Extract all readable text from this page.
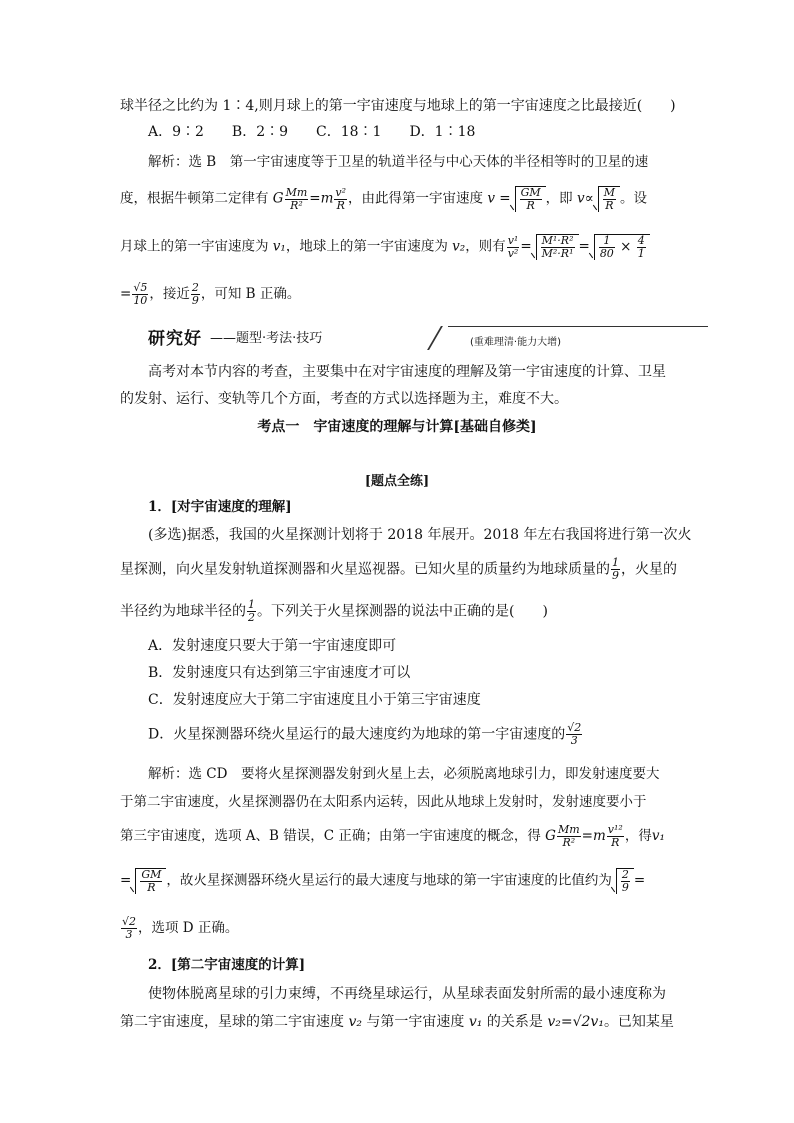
球半径之比约为 1∶4,则月球上的第一宇宙速度与地球上的第一宇宙速度之比最接近(　　)
A．9∶2　　B．2∶9　　C．18∶1　　D．1∶18
解析：选 B　第一宇宙速度等于卫星的轨道半径与中心天体的半径相等时的卫星的速
度，根据牛顿第二定律有 G $\frac{Mm}{\text{R²}} =m \frac{\text{v²}}{R}$ ，由此得第一宇宙速度 $v = \frac{GM}{R}$ ，即 $v\propto \frac{M}{R}$ 。设
月球上的第一宇宙速度为 v₁，地球上的第一宇宙速度为 v₂，则有 $\frac{\text{v¹}}{\text{v²}} = \frac{\text{M¹·R²}}{\text{M²·R¹}} = \frac{1}{80} \times \frac{4}{1}$
= $\frac{√5}{10}$ ，接近 $\frac{2}{9}$ ，可知 B 正确。
研究好 ——题型·考法·技巧	(重难理清·能力大增)
高考对本节内容的考查，主要集中在对宇宙速度的理解及第一宇宙速度的计算、卫星
的发射、运行、变轨等几个方面，考查的方式以选择题为主，难度不大。
考点一　宇宙速度的理解与计算[基础自修类]
[题点全练]
1．[对宇宙速度的理解]
(多选)据悉，我国的火星探测计划将于 2018 年展开。2018 年左右我国将进行第一次火
星探测，向火星发射轨道探测器和火星巡视器。已知火星的质量约为地球质量的 $\frac{1}{9}$ ，火星的
半径约为地球半径的 $\frac{1}{2}$ 。下列关于火星探测器的说法中正确的是(　　)
A．发射速度只要大于第一宇宙速度即可
B．发射速度只有达到第三宇宙速度才可以
C．发射速度应大于第二宇宙速度且小于第三宇宙速度
D．火星探测器环绕火星运行的最大速度约为地球的第一宇宙速度的 $\frac{√2}{3}$
解析：选 CD　要将火星探测器发射到火星上去，必须脱离地球引力，即发射速度要大
于第二宇宙速度，火星探测器仍在太阳系内运转，因此从地球上发射时，发射速度要小于
第三宇宙速度，选项 A、B 错误，C 正确；由第一宇宙速度的概念，得 G $\frac{Mm}{\text{R²}} =m \frac{\text{v¹²}}{R}$ ，得v₁
= $\frac{GM}{R}$ ，故火星探测器环绕火星运行的最大速度与地球的第一宇宙速度的比值约为 $\frac{2}{9}$ =
$\frac{√2}{3}$ ，选项 D 正确。
2．[第二宇宙速度的计算]
使物体脱离星球的引力束缚，不再绕星球运行，从星球表面发射所需的最小速度称为
第二宇宙速度，星球的第二宇宙速度 v₂ 与第一宇宙速度 v₁ 的关系是 v₂=√2v₁。已知某星
